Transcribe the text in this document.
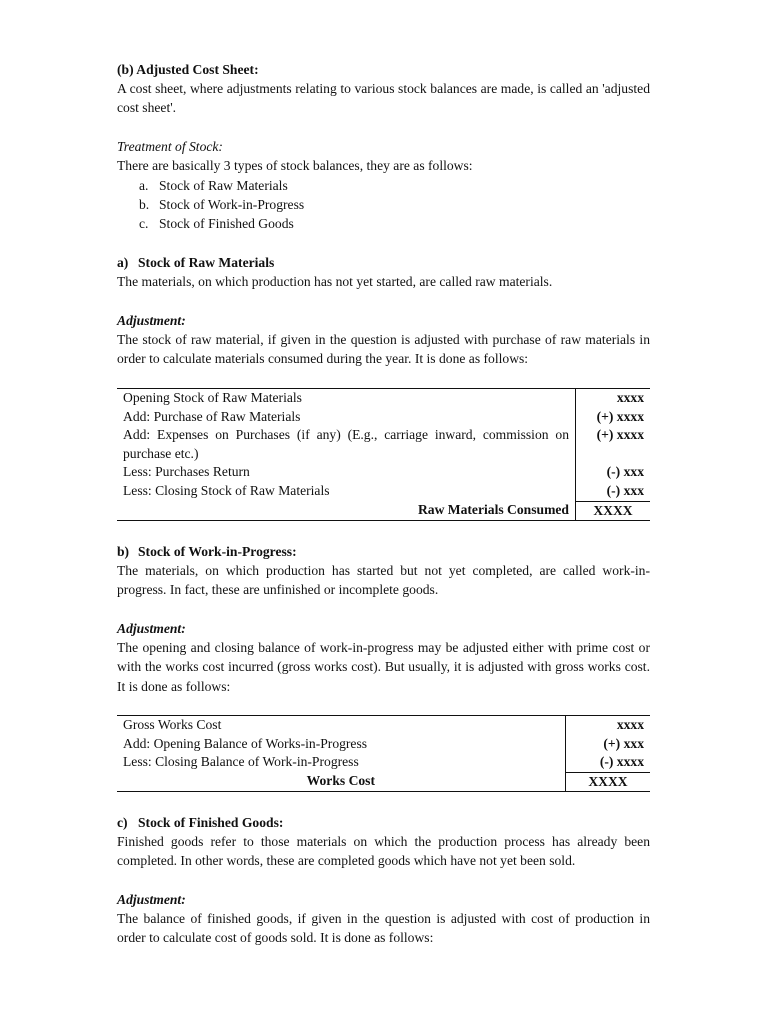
(b) Adjusted Cost Sheet:
A cost sheet, where adjustments relating to various stock balances are made, is called an 'adjusted cost sheet'.
Treatment of Stock:
There are basically 3 types of stock balances, they are as follows:
a. Stock of Raw Materials
b. Stock of Work-in-Progress
c. Stock of Finished Goods
a) Stock of Raw Materials
The materials, on which production has not yet started, are called raw materials.
Adjustment:
The stock of raw material, if given in the question is adjusted with purchase of raw materials in order to calculate materials consumed during the year. It is done as follows:
Opening Stock of Raw Materials	xxxx
Add: Purchase of Raw Materials	(+) xxxx
Add: Expenses on Purchases (if any) (E.g., carriage inward, commission on purchase etc.)	(+) xxxx
Less: Purchases Return	(-) xxx
Less: Closing Stock of Raw Materials	(-) xxx
Raw Materials Consumed	XXXX
b) Stock of Work-in-Progress:
The materials, on which production has started but not yet completed, are called work-in-progress. In fact, these are unfinished or incomplete goods.
Adjustment:
The opening and closing balance of work-in-progress may be adjusted either with prime cost or with the works cost incurred (gross works cost). But usually, it is adjusted with gross works cost. It is done as follows:
Gross Works Cost	xxxx
Add: Opening Balance of Works-in-Progress	(+) xxx
Less: Closing Balance of Work-in-Progress	(-) xxxx
Works Cost	XXXX
c) Stock of Finished Goods:
Finished goods refer to those materials on which the production process has already been completed. In other words, these are completed goods which have not yet been sold.
Adjustment:
The balance of finished goods, if given in the question is adjusted with cost of production in order to calculate cost of goods sold. It is done as follows:
